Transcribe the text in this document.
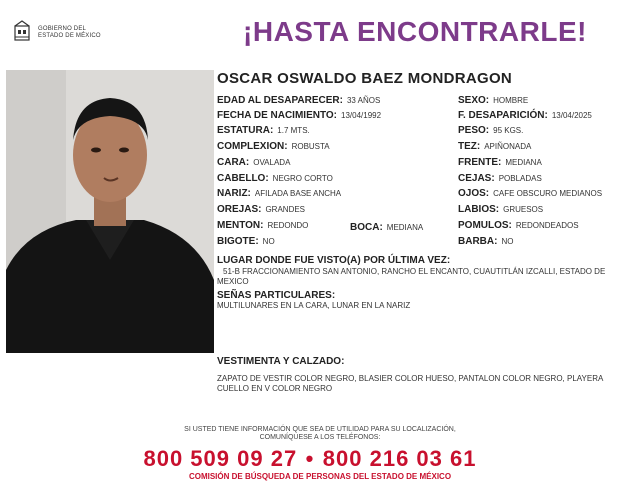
GOBIERNO DEL
ESTADO DE MÉXICO	¡HASTA ENCONTRARLE!
OSCAR OSWALDO BAEZ MONDRAGON
EDAD AL DESAPARECER: 33 AÑOS
FECHA DE NACIMIENTO: 13/04/1992
ESTATURA: 1.7 MTS.
COMPLEXION: ROBUSTA
CARA: OVALADA
CABELLO: NEGRO CORTO
NARIZ: AFILADA BASE ANCHA
OREJAS: GRANDES
MENTON: REDONDO	BOCA: MEDIANA
BIGOTE: NO
SEXO: HOMBRE
F. DESAPARICIÓN: 13/04/2025
PESO: 95 KGS.
TEZ: APIÑONADA
FRENTE: MEDIANA
CEJAS: POBLADAS
OJOS: CAFE OBSCURO MEDIANOS
LABIOS: GRUESOS
POMULOS: REDONDEADOS
BARBA: NO
LUGAR DONDE FUE VISTO(A) POR ÚLTIMA VEZ:
51-B FRACCIONAMIENTO SAN ANTONIO, RANCHO EL ENCANTO, CUAUTITLÁN IZCALLI, ESTADO DE MEXICO
SEÑAS PARTICULARES:
MULTILUNARES EN LA CARA, LUNAR EN LA NARIZ
VESTIMENTA Y CALZADO:
ZAPATO DE VESTIR COLOR NEGRO, BLASIER COLOR HUESO, PANTALON COLOR NEGRO, PLAYERA CUELLO EN V COLOR NEGRO
SI USTED TIENE INFORMACIÓN QUE SEA DE UTILIDAD PARA SU LOCALIZACIÓN,
COMUNÍQUESE A LOS TELÉFONOS:
800 509 09 27 • 800 216 03 61
COMISIÓN DE BÚSQUEDA DE PERSONAS DEL ESTADO DE MÉXICO
